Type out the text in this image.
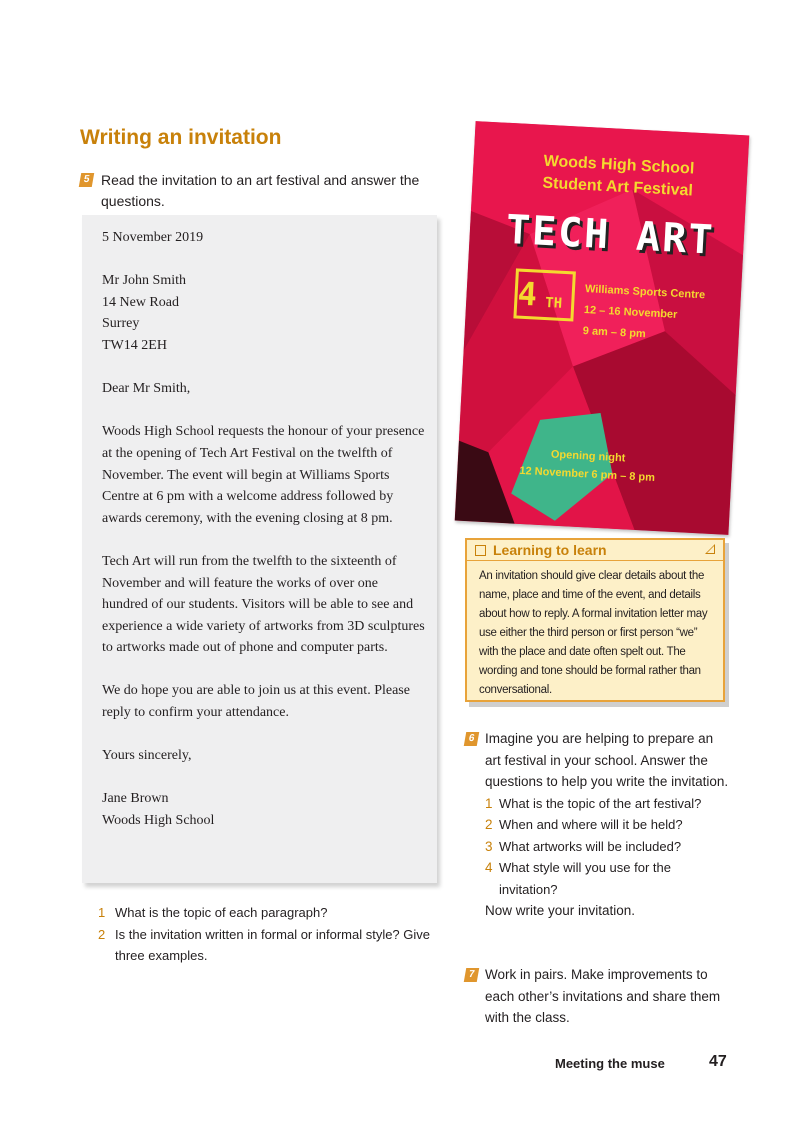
Writing an invitation
5 Read the invitation to an art festival and answer the questions.

5 November 2019

Mr John Smith
14 New Road
Surrey
TW14 2EH

Dear Mr Smith,

Woods High School requests the honour of your presence at the opening of Tech Art Festival on the twelfth of November. The event will begin at Williams Sports Centre at 6 pm with a welcome address followed by awards ceremony, with the evening closing at 8 pm.

Tech Art will run from the twelfth to the sixteenth of November and will feature the works of over one hundred of our students. Visitors will be able to see and experience a wide variety of artworks from 3D sculptures to artworks made out of phone and computer parts.

We do hope you are able to join us at this event. Please reply to confirm your attendance.

Yours sincerely,

Jane Brown
Woods High School

1 What is the topic of each paragraph?
2 Is the invitation written in formal or informal style? Give three examples.
Woods High School
Student Art Festival
TECH ART
4 TH
Williams Sports Centre
12 – 16 November
9 am – 8 pm
Opening night
12 November 6 pm – 8 pm
Learning to learn
An invitation should give clear details about the name, place and time of the event, and details about how to reply. A formal invitation letter may use either the third person or first person “we” with the place and date often spelt out. The wording and tone should be formal rather than conversational.
6 Imagine you are helping to prepare an art festival in your school. Answer the questions to help you write the invitation.
1 What is the topic of the art festival?
2 When and where will it be held?
3 What artworks will be included?
4 What style will you use for the invitation?
Now write your invitation.
7 Work in pairs. Make improvements to each other’s invitations and share them with the class.
Meeting the muse	47
